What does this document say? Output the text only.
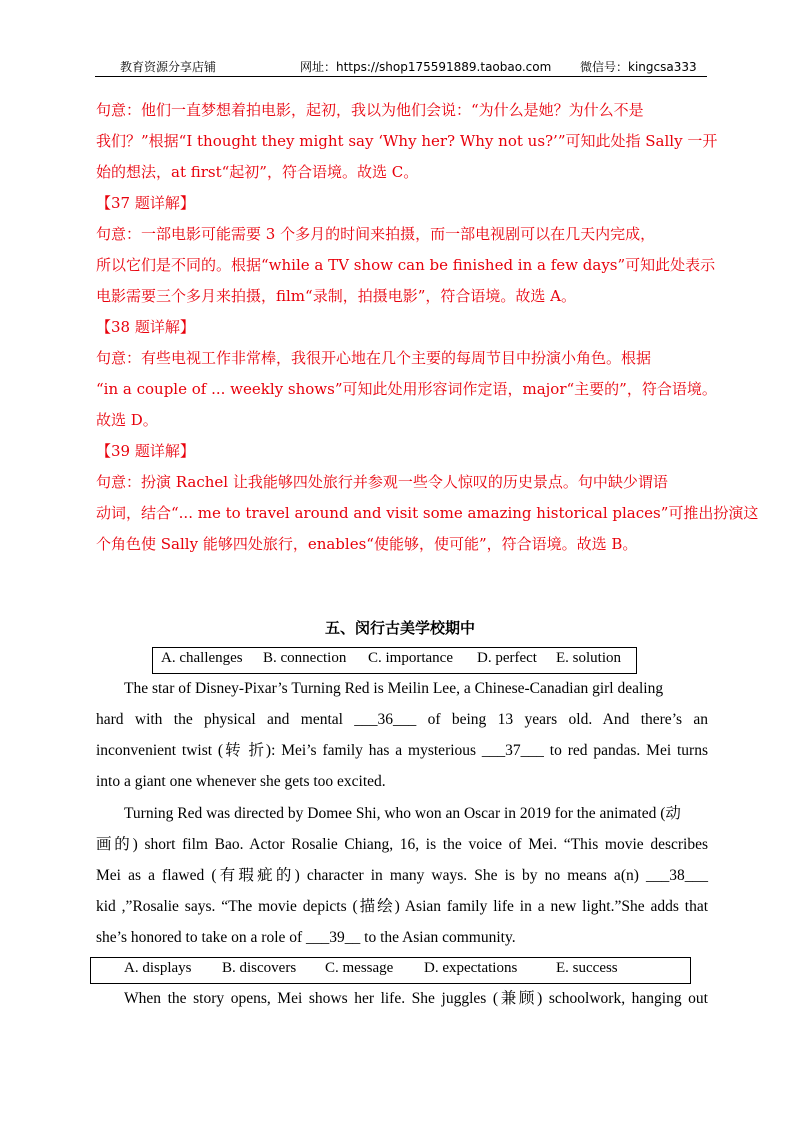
教育资源分享店铺	网址：https://shop175591889.taobao.com 微信号：kingcsa333
句意：他们一直梦想着拍电影，起初，我以为他们会说：“为什么是她？为什么不是
我们？”根据“I thought they might say ‘Why her? Why not us?’”可知此处指 Sally 一开
始的想法，at first“起初”，符合语境。故选 C。
【37 题详解】
句意：一部电影可能需要 3 个多月的时间来拍摄，而一部电视剧可以在几天内完成，
所以它们是不同的。根据“while a TV show can be finished in a few days”可知此处表示
电影需要三个多月来拍摄，film“录制，拍摄电影”，符合语境。故选 A。
【38 题详解】
句意：有些电视工作非常棒，我很开心地在几个主要的每周节目中扮演小角色。根据
“in a couple of ... weekly shows”可知此处用形容词作定语，major“主要的”，符合语境。
故选 D。
【39 题详解】
句意：扮演 Rachel 让我能够四处旅行并参观一些令人惊叹的历史景点。句中缺少谓语
动词，结合“... me to travel around and visit some amazing historical places”可推出扮演这
个角色使 Sally 能够四处旅行，enables“使能够，使可能”，符合语境。故选 B。
五、闵行古美学校期中
A. challenges B. connection C. importance D. perfect E. solution
The star of Disney-Pixar’s Turning Red is Meilin Lee, a Chinese-Canadian girl dealing
hard with the physical and mental ___36___ of being 13 years old. And there’s an
inconvenient twist (转 折): Mei’s family has a mysterious ___37___ to red pandas. Mei turns
into a giant one whenever she gets too excited.
Turning Red was directed by Domee Shi, who won an Oscar in 2019 for the animated (动
画的) short film Bao. Actor Rosalie Chiang, 16, is the voice of Mei. “This movie describes
Mei as a flawed (有瑕疵的) character in many ways. She is by no means a(n) ___38___
kid ,”Rosalie says. “The movie depicts (描绘) Asian family life in a new light.”She adds that
she’s honored to take on a role of ___39__ to the Asian community.
A. displays B. discovers C. message D. expectations	E. success
When the story opens, Mei shows her life. She juggles (兼顾) schoolwork, hanging out
